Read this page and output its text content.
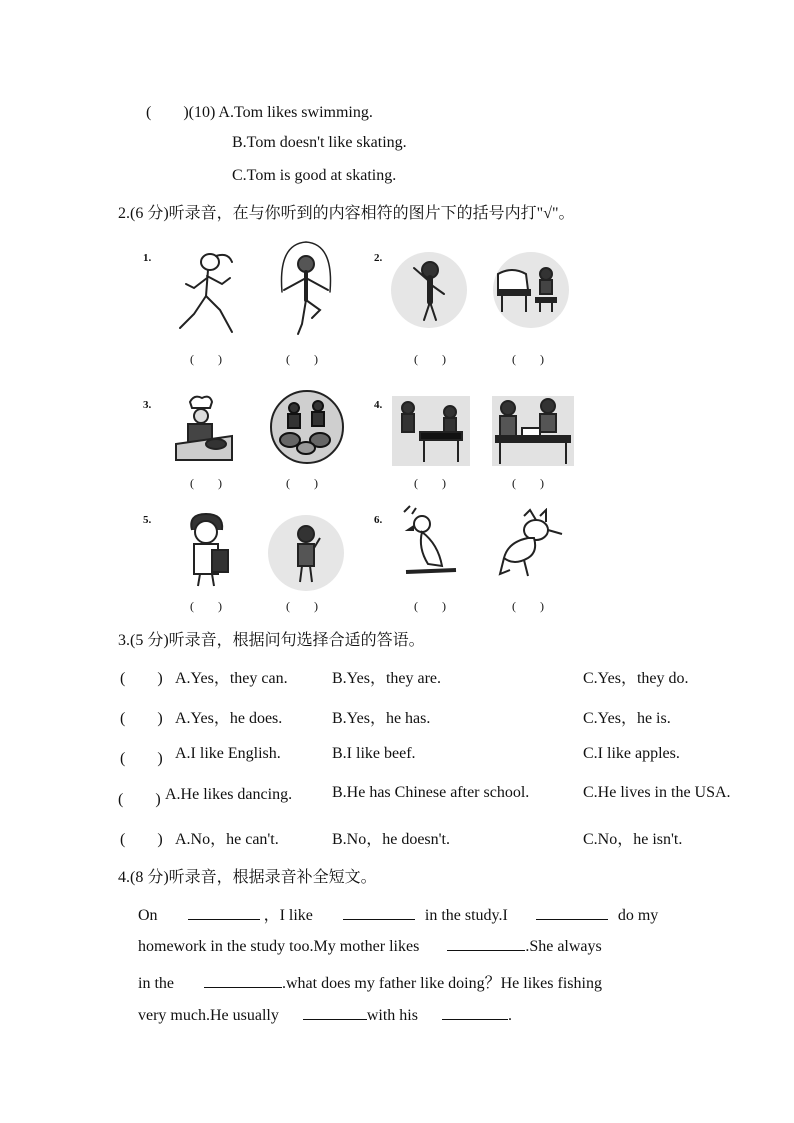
(　　)(10) A.Tom likes swimming.
B.Tom doesn't like skating.
C.Tom is good at skating.
2.(6 分)听录音，在与你听到的内容相符的图片下的括号内打"√"。
1.
(　　)	(　　)
2.
(　　)	(　　)
3.
(　　)	(　　)
4.
(　　)	(　　)
5.
(　　)	(　　)
6.
(　　)	(　　)
3.(5 分)听录音，根据问句选择合适的答语。
(　　) A.Yes，they can.	B.Yes，they are.	C.Yes，they do.
(　　) A.Yes，he does.	B.Yes，he has.	C.Yes，he is.
(　　) A.I like English.	B.I like beef.	C.I like apples.
(　　) A.He likes dancing. B.He has Chinese after school.	C.He lives in the USA.
(　　) A.No，he can't.	B.No，he doesn't.	C.No，he isn't.
4.(8 分)听录音，根据录音补全短文。
On	，I like	in the study.I	do my
homework in the study too.My mother likes	.She always
in the	.what does my father like doing？He likes fishing
very much.He usually	with his	.
